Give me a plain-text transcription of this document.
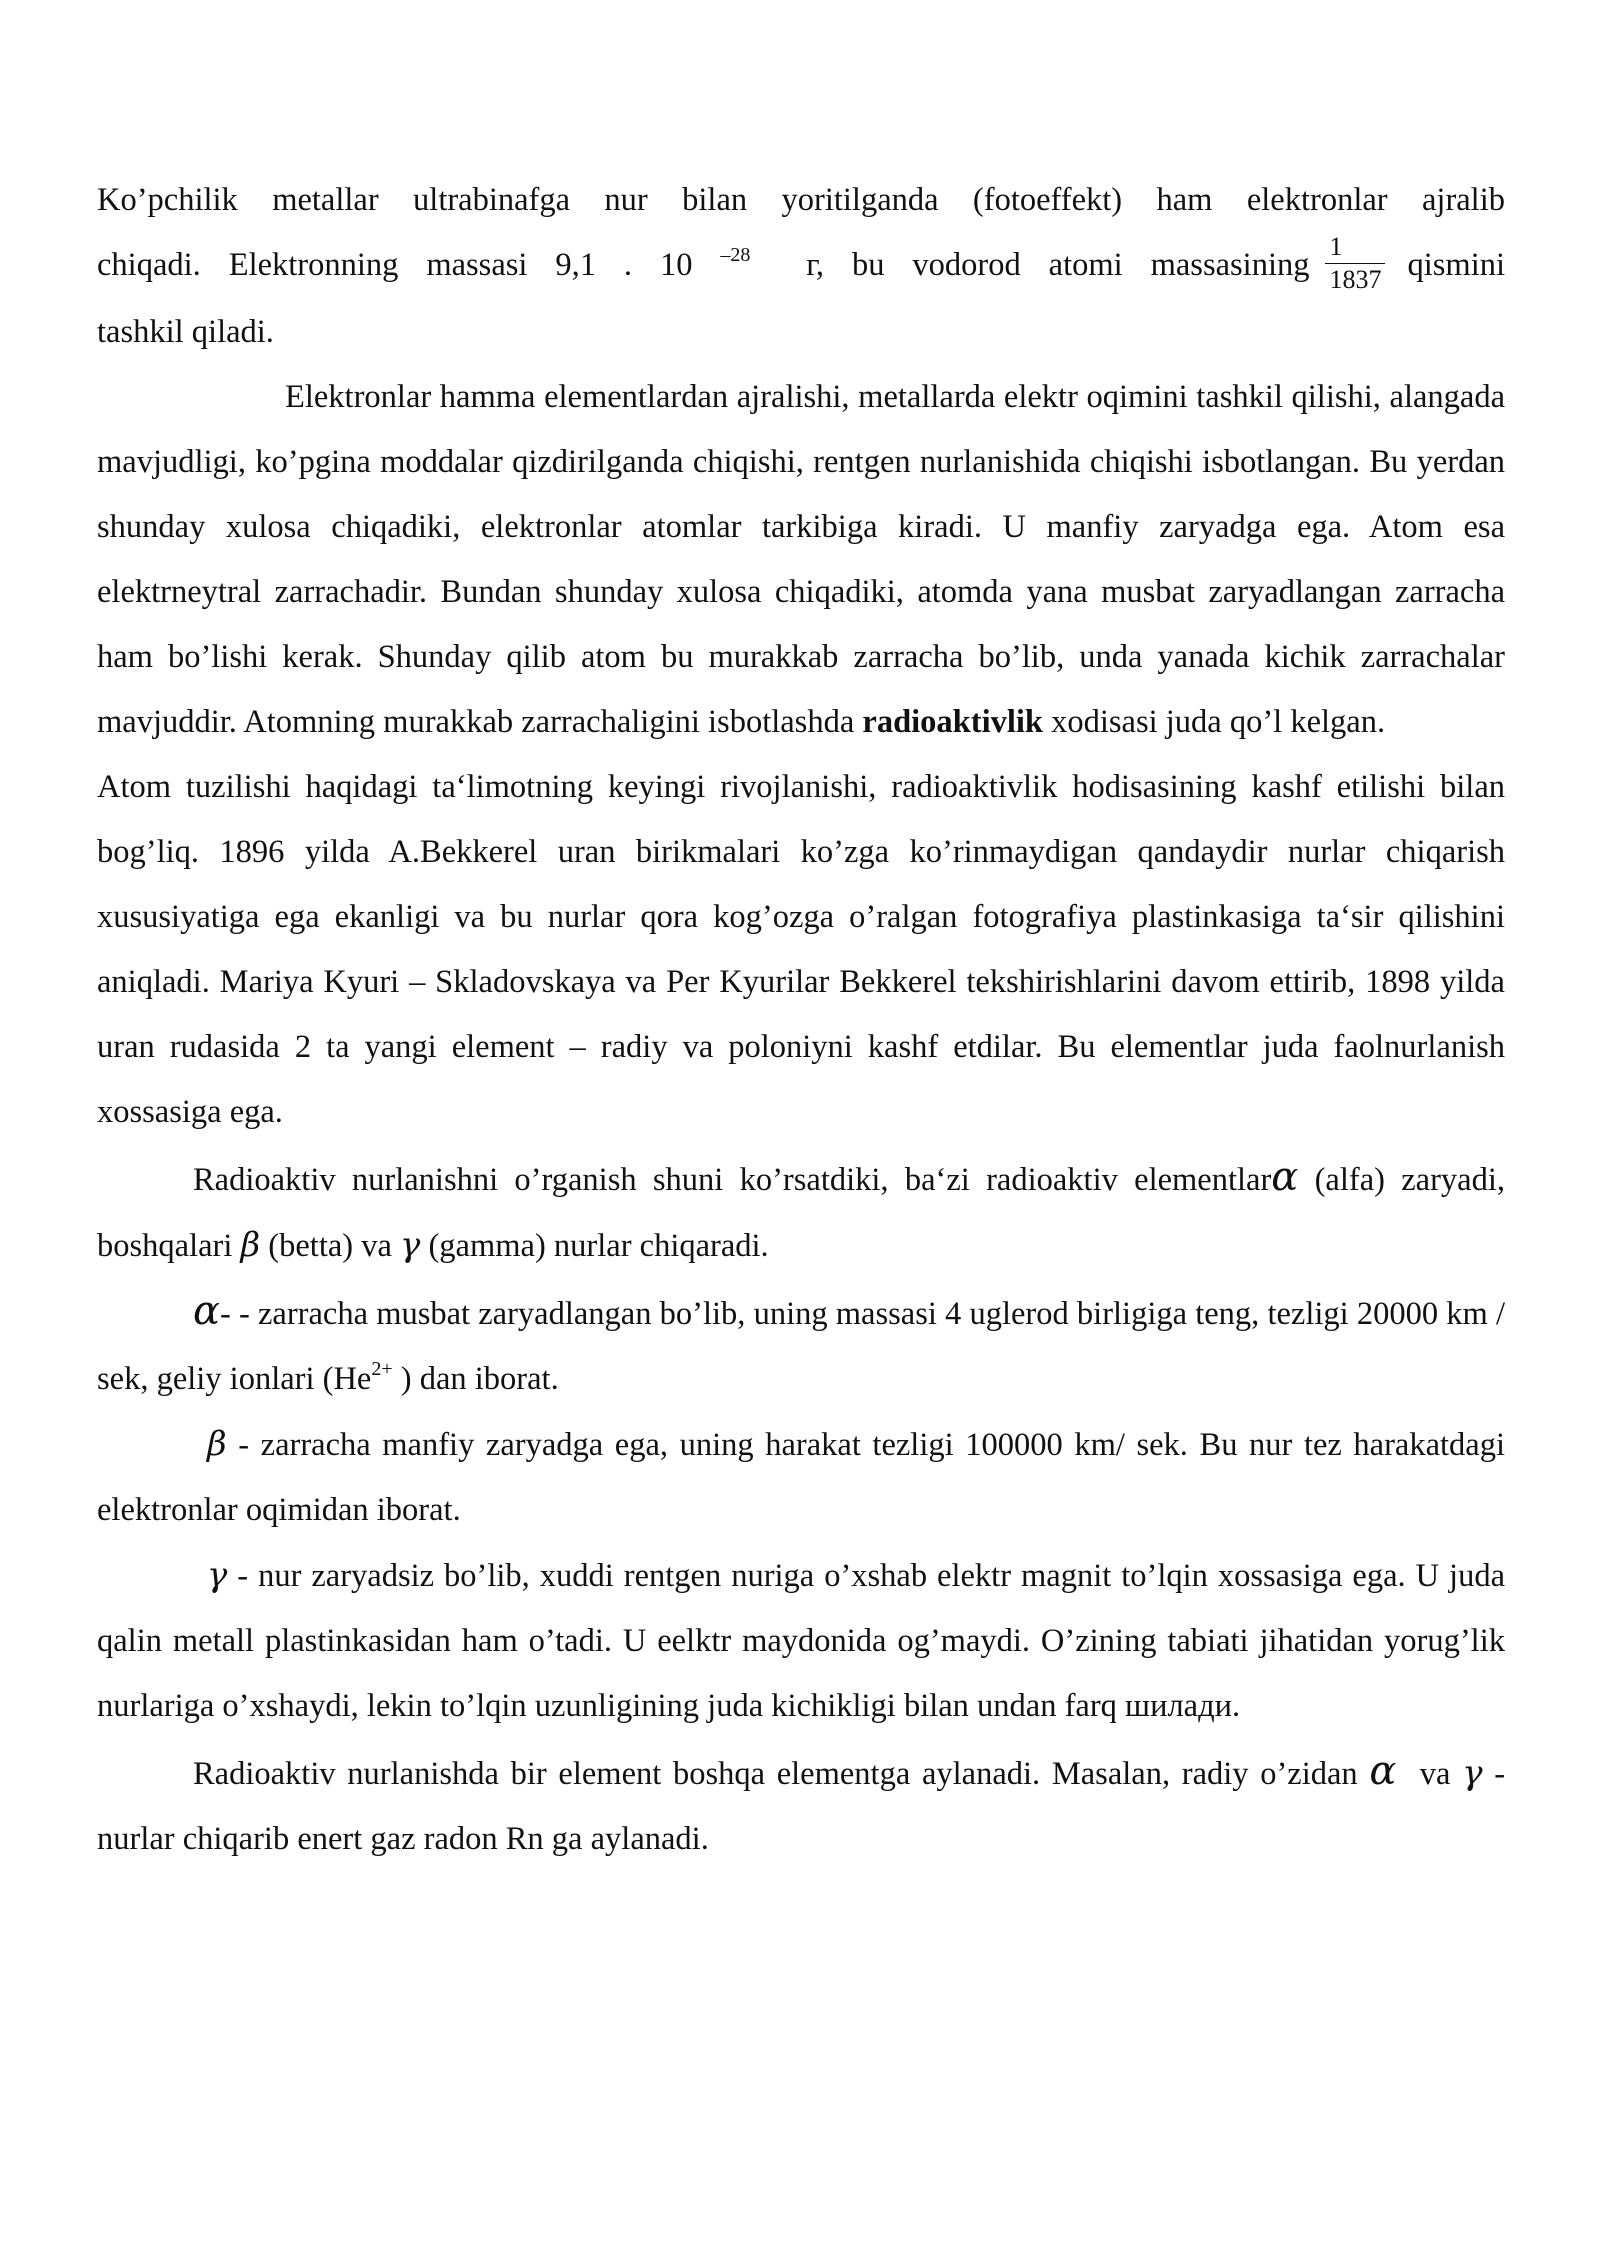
Ko’pchilik metallar ultrabinafga nur bilan yoritilganda (fotoeffekt) ham elektronlar ajralib

chiqadi. Elektronning massasi 9,1 . 10 $^{-28}$ г, bu vodorod atomi massasining $\frac{1}{1837}$ qismini

tashkil qiladi.

Elektronlar hamma elementlardan ajralishi, metallarda elektr oqimini tashkil qilishi, alangada mavjudligi, ko’pgina moddalar qizdirilganda chiqishi, rentgen nurlanishida chiqishi isbotlangan. Bu yerdan shunday xulosa chiqadiki, elektronlar atomlar tarkibiga kiradi. U manfiy zaryadga ega. Atom esa elektrneytral zarrachadir. Bundan shunday xulosa chiqadiki, atomda yana musbat zaryadlangan zarracha ham bo’lishi kerak. Shunday qilib atom bu murakkab zarracha bo’lib, unda yanada kichik zarrachalar mavjuddir. Atomning murakkab zarrachaligini isbotlashda radioaktivlik xodisasi juda qo’l kelgan.

Atom tuzilishi haqidagi ta‘limotning keyingi rivojlanishi, radioaktivlik hodisasining kashf etilishi bilan bog’liq. 1896 yilda A.Bekkerel uran birikmalari ko’zga ko’rinmaydigan qandaydir nurlar chiqarish xususiyatiga ega ekanligi va bu nurlar qora kog’ozga o’ralgan fotografiya plastinkasiga ta‘sir qilishini aniqladi. Mariya Kyuri – Skladovskaya va Per Kyurilar Bekkerel tekshirishlarini davom ettirib, 1898 yilda uran rudasida 2 ta yangi element – radiy va poloniyni kashf etdilar. Bu elementlar juda faolnurlanish xossasiga ega.

Radioaktiv nurlanishni o’rganish shuni ko’rsatdiki, ba‘zi radioaktiv elementlarα (alfa) zaryadi, boshqalari β (betta) va γ (gamma) nurlar chiqaradi.

α- - zarracha musbat zaryadlangan bo’lib, uning massasi 4 uglerod birligiga teng, tezligi 20000 km / sek, geliy ionlari ($He^{2+}$ ) dan iborat.

β - zarracha manfiy zaryadga ega, uning harakat tezligi 100000 km/ sek. Bu nur tez harakatdagi elektronlar oqimidan iborat.

γ - nur zaryadsiz bo’lib, xuddi rentgen nuriga o’xshab elektr magnit to’lqin xossasiga ega. U juda qalin metall plastinkasidan ham o’tadi. U eelktr maydonida og’maydi. O’zining tabiati jihatidan yorug’lik nurlariga o’xshaydi, lekin to’lqin uzunligining juda kichikligi bilan undan farq шилади.

Radioaktiv nurlanishda bir element boshqa elementga aylanadi. Masalan, radiy o’zidan α va γ - nurlar chiqarib enert gaz radon Rn ga aylanadi.
